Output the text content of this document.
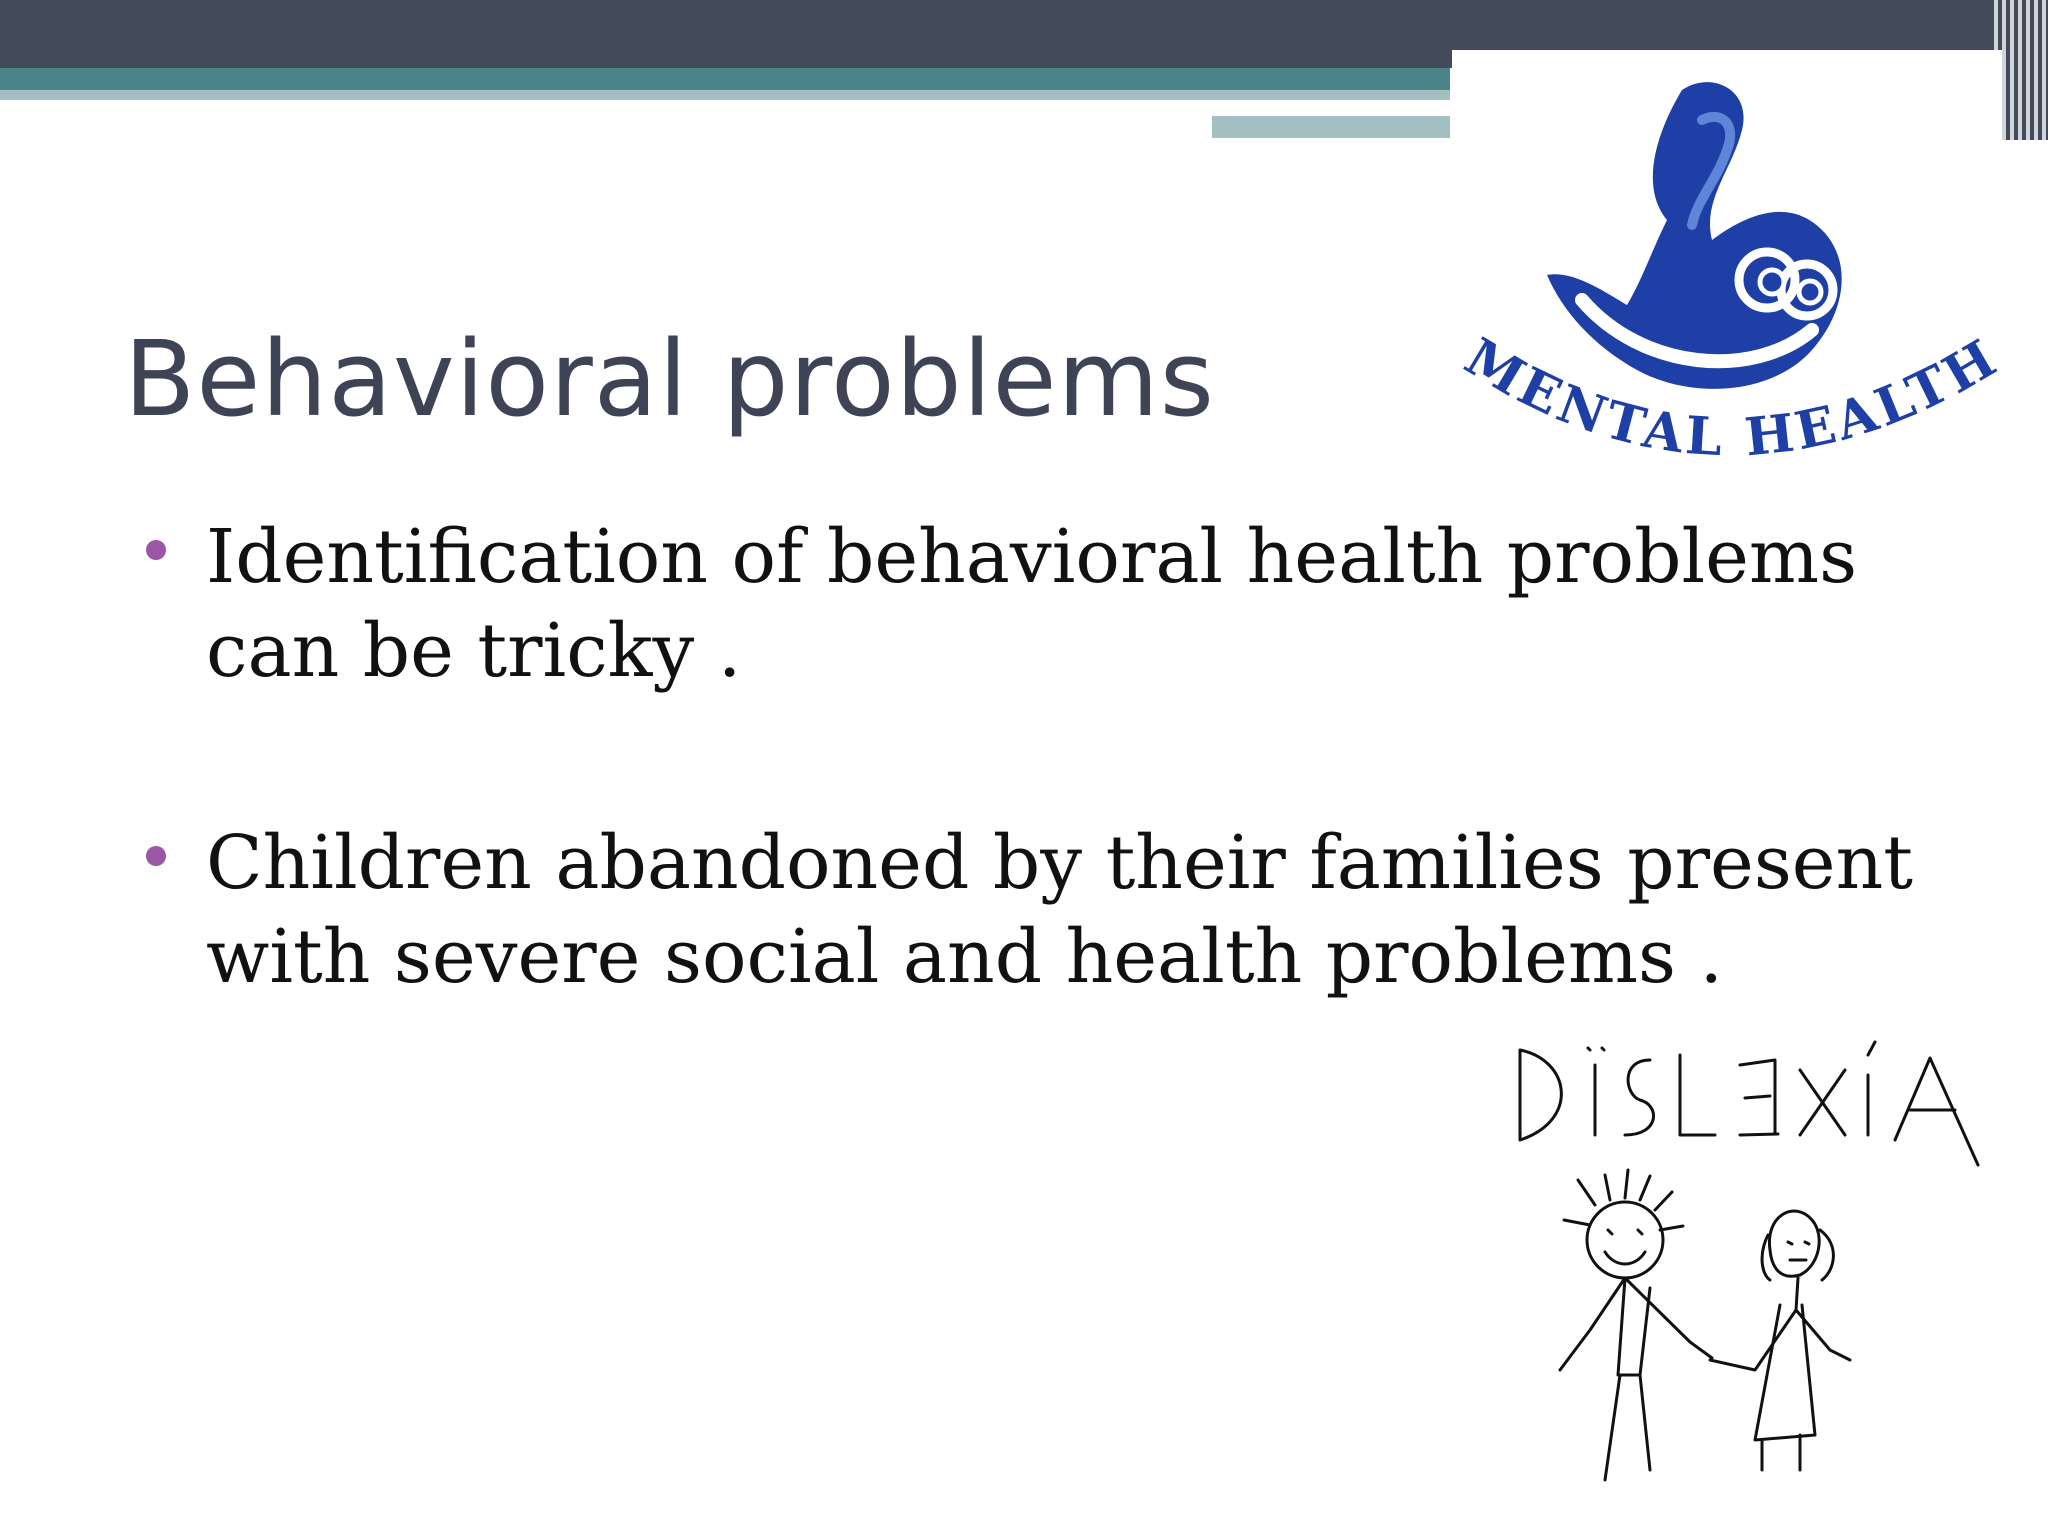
MENTAL HEALTH
Behavioral problems
Identification of behavioral health problems can be tricky .
Children abandoned by their families present with severe social and health problems .
